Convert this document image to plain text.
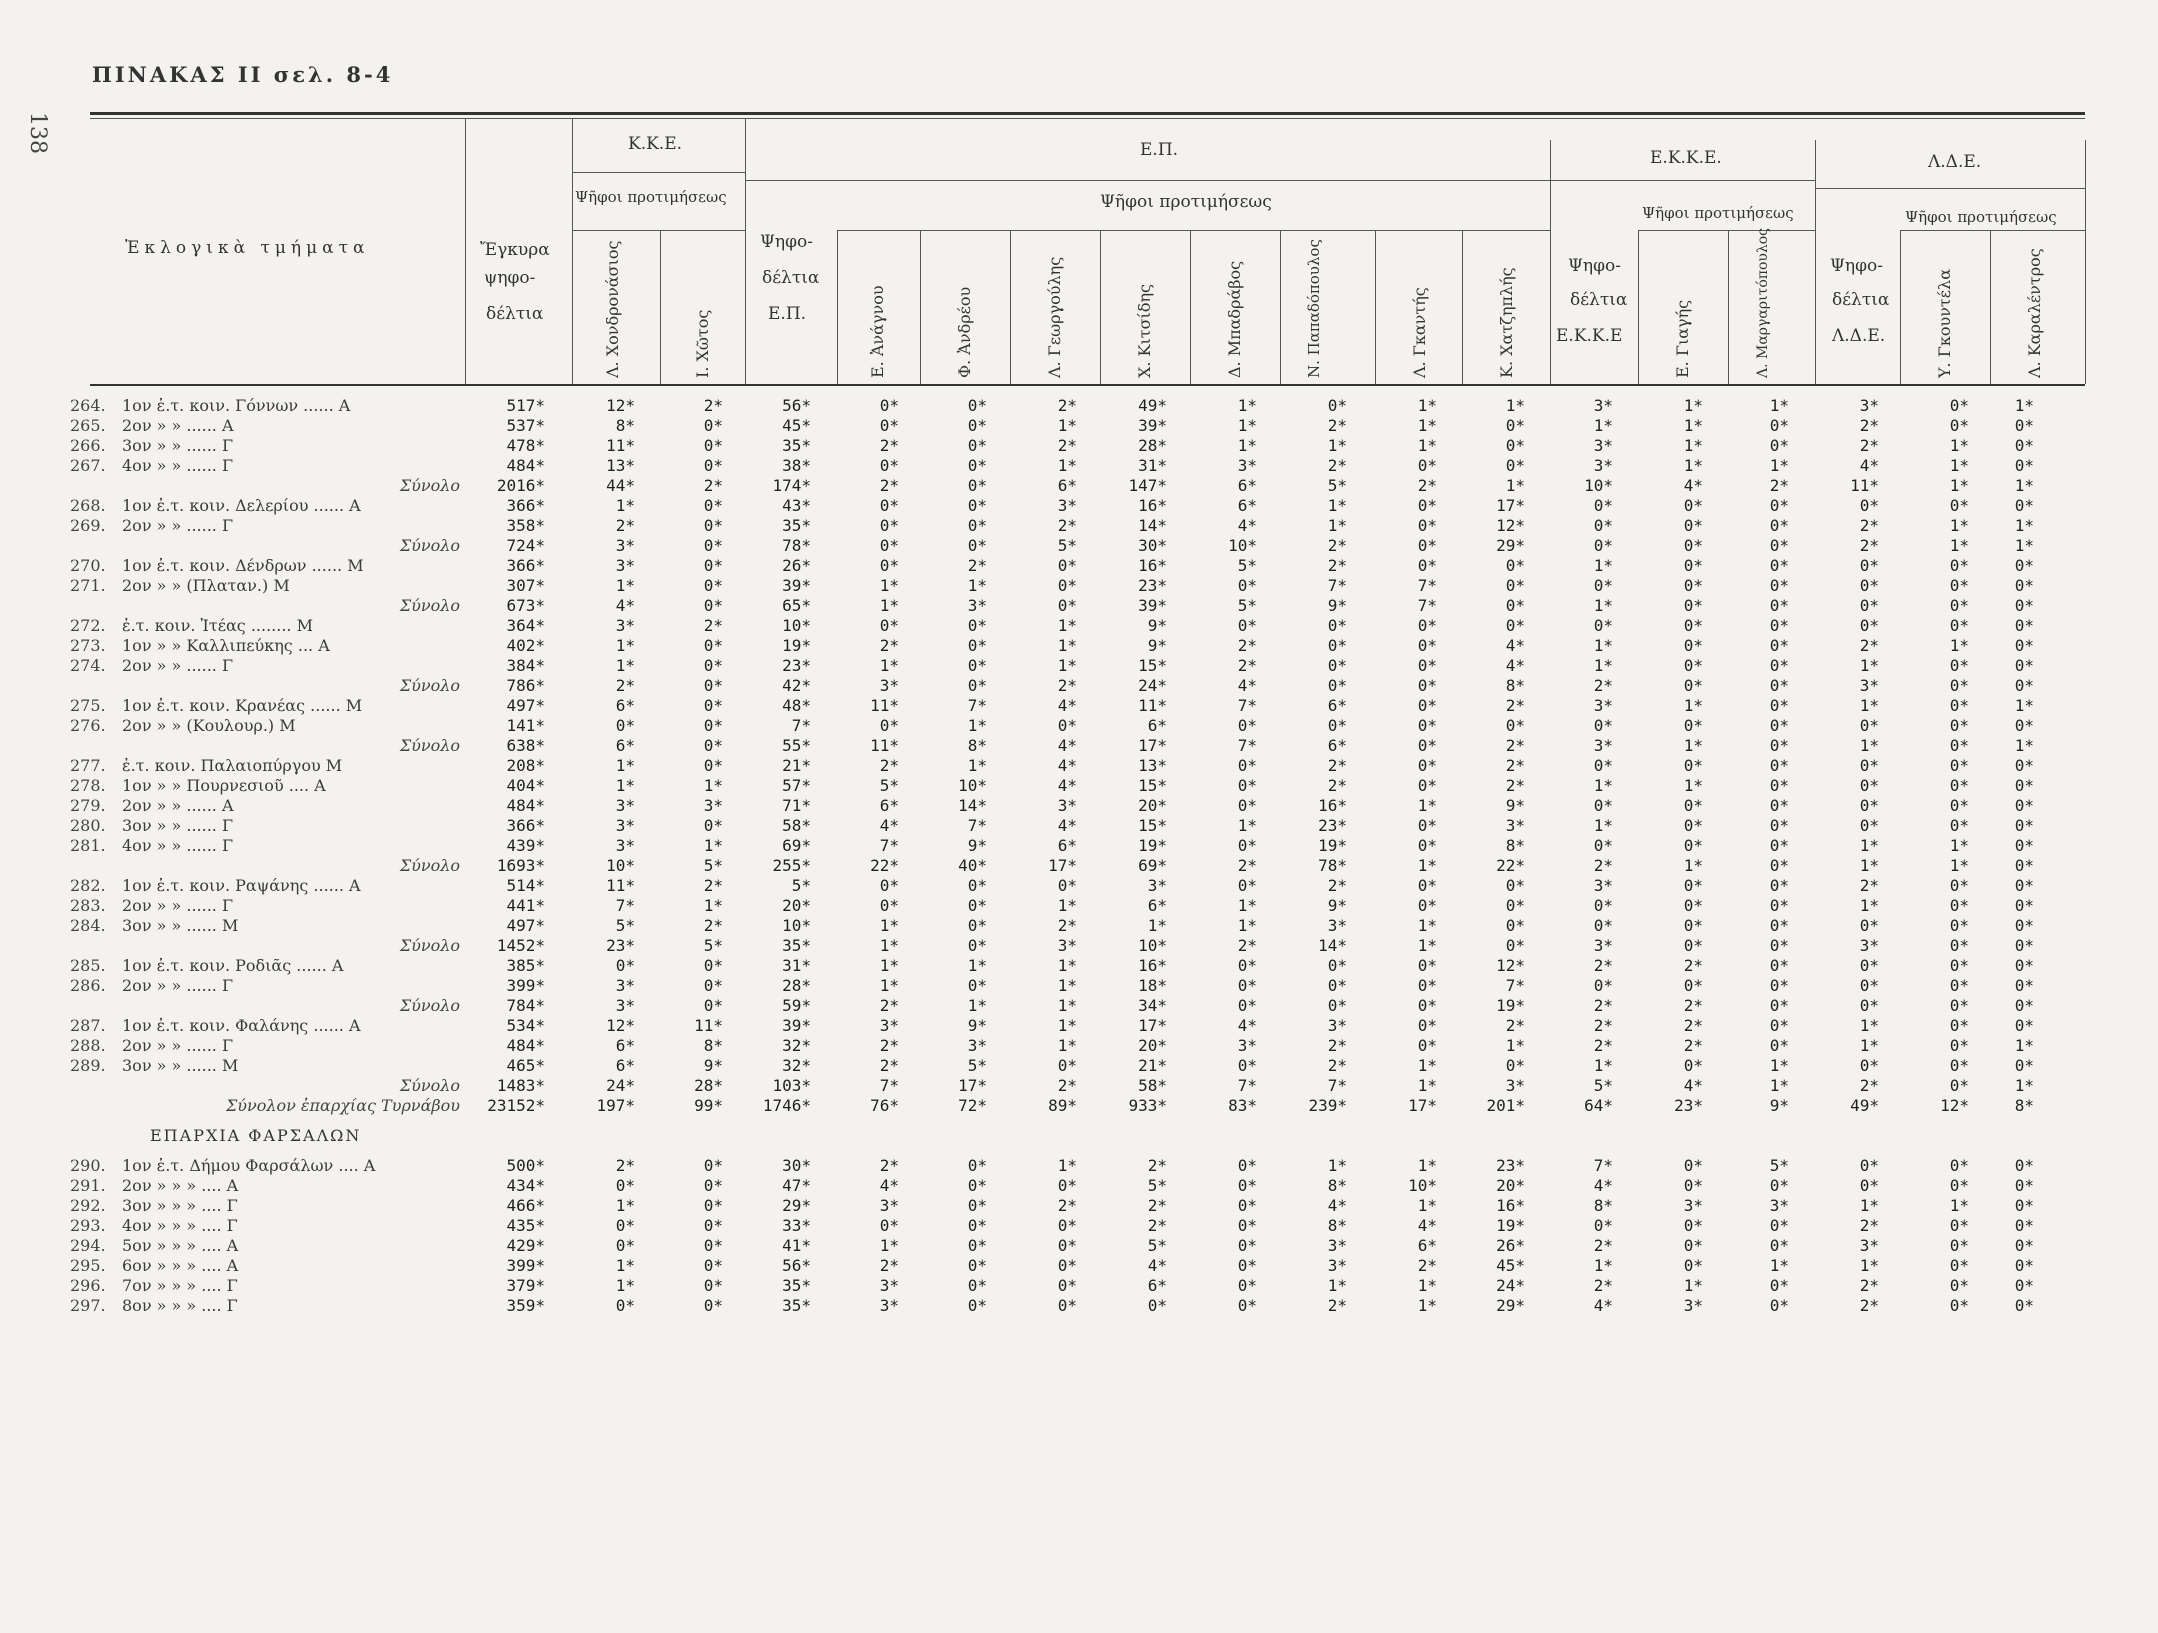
138
ΠΙΝΑΚΑΣ ΙΙ σελ. 8-4
Ἐκλογικὰ τμήματα	Ἔγκυρα
ψηφο-
δέλτια
Κ.Κ.Ε.
Ψῆφοι προτιμήσεως
Ε.Π.
Ψῆφοι προτιμήσεως
Ψηφο-
δέλτια
Ε.Π.
Ε.Κ.Κ.Ε.
Ψῆφοι προτιμήσεως
Ψηφο-
δέλτια
Ε.Κ.Κ.Ε
Λ.Δ.Ε.
Ψῆφοι προτιμήσεως
Ψηφο-
δέλτια
Λ.Δ.Ε.
Λ. Χονδρονάσιος	Ι. Χῶτος	Ε. Ἀνάγνου	Φ. Ἀνδρέου	Λ. Γεωργούλης	Χ. Κιτσίδης	Δ. Μπαδράβος	Ν. Παπαδόπουλος	Λ. Γκαντής	Κ. Χατζηπλής	Ε. Γιαγής	Λ. Μαργαριτόπουλος	Υ. Γκουντέλα	Λ. Καραλέντρος
264.	1ον ἐ.τ. κοιν. Γόννων ...... Α	517*	12*	2*	56*	0*	0*	2*	49*	1*	0*	1*	1*	3*	1*	1*	3*	0*	1*
265.	2ον » » ...... Α	537*	8*	0*	45*	0*	0*	1*	39*	1*	2*	1*	0*	1*	1*	0*	2*	0*	0*
266.	3ον » » ...... Γ	478*	11*	0*	35*	2*	0*	2*	28*	1*	1*	1*	0*	3*	1*	0*	2*	1*	0*
267.	4ον » » ...... Γ	484*	13*	0*	38*	0*	0*	1*	31*	3*	2*	0*	0*	3*	1*	1*	4*	1*	0*
	Σύνολο	2016*	44*	2*	174*	2*	0*	6*	147*	6*	5*	2*	1*	10*	4*	2*	11*	1*	1*
268.	1ον ἐ.τ. κοιν. Δελερίου ...... Α	366*	1*	0*	43*	0*	0*	3*	16*	6*	1*	0*	17*	0*	0*	0*	0*	0*	0*
269.	2ον » » ...... Γ	358*	2*	0*	35*	0*	0*	2*	14*	4*	1*	0*	12*	0*	0*	0*	2*	1*	1*
	Σύνολο	724*	3*	0*	78*	0*	0*	5*	30*	10*	2*	0*	29*	0*	0*	0*	2*	1*	1*
270.	1ον ἐ.τ. κοιν. Δένδρων ...... Μ	366*	3*	0*	26*	0*	2*	0*	16*	5*	2*	0*	0*	1*	0*	0*	0*	0*	0*
271.	2ον » » (Πλαταν.) Μ	307*	1*	0*	39*	1*	1*	0*	23*	0*	7*	7*	0*	0*	0*	0*	0*	0*	0*
	Σύνολο	673*	4*	0*	65*	1*	3*	0*	39*	5*	9*	7*	0*	1*	0*	0*	0*	0*	0*
272.	ἐ.τ. κοιν. Ἰτέας ........ Μ	364*	3*	2*	10*	0*	0*	1*	9*	0*	0*	0*	0*	0*	0*	0*	0*	0*	0*
273.	1ον » » Καλλιπεύκης ... Α	402*	1*	0*	19*	2*	0*	1*	9*	2*	0*	0*	4*	1*	0*	0*	2*	1*	0*
274.	2ον » » ...... Γ	384*	1*	0*	23*	1*	0*	1*	15*	2*	0*	0*	4*	1*	0*	0*	1*	0*	0*
	Σύνολο	786*	2*	0*	42*	3*	0*	2*	24*	4*	0*	0*	8*	2*	0*	0*	3*	0*	0*
275.	1ον ἐ.τ. κοιν. Κρανέας ...... Μ	497*	6*	0*	48*	11*	7*	4*	11*	7*	6*	0*	2*	3*	1*	0*	1*	0*	1*
276.	2ον » » (Κουλουρ.) Μ	141*	0*	0*	7*	0*	1*	0*	6*	0*	0*	0*	0*	0*	0*	0*	0*	0*	0*
	Σύνολο	638*	6*	0*	55*	11*	8*	4*	17*	7*	6*	0*	2*	3*	1*	0*	1*	0*	1*
277.	ἐ.τ. κοιν. Παλαιοπύργου Μ	208*	1*	0*	21*	2*	1*	4*	13*	0*	2*	0*	2*	0*	0*	0*	0*	0*	0*
278.	1ον » » Πουρνεσιοῦ .... Α	404*	1*	1*	57*	5*	10*	4*	15*	0*	2*	0*	2*	1*	1*	0*	0*	0*	0*
279.	2ον » » ...... Α	484*	3*	3*	71*	6*	14*	3*	20*	0*	16*	1*	9*	0*	0*	0*	0*	0*	0*
280.	3ον » » ...... Γ	366*	3*	0*	58*	4*	7*	4*	15*	1*	23*	0*	3*	1*	0*	0*	0*	0*	0*
281.	4ον » » ...... Γ	439*	3*	1*	69*	7*	9*	6*	19*	0*	19*	0*	8*	0*	0*	0*	1*	1*	0*
	Σύνολο	1693*	10*	5*	255*	22*	40*	17*	69*	2*	78*	1*	22*	2*	1*	0*	1*	1*	0*
282.	1ον ἐ.τ. κοιν. Ραψάνης ...... Α	514*	11*	2*	5*	0*	0*	0*	3*	0*	2*	0*	0*	3*	0*	0*	2*	0*	0*
283.	2ον » » ...... Γ	441*	7*	1*	20*	0*	0*	1*	6*	1*	9*	0*	0*	0*	0*	0*	1*	0*	0*
284.	3ον » » ...... Μ	497*	5*	2*	10*	1*	0*	2*	1*	1*	3*	1*	0*	0*	0*	0*	0*	0*	0*
	Σύνολο	1452*	23*	5*	35*	1*	0*	3*	10*	2*	14*	1*	0*	3*	0*	0*	3*	0*	0*
285.	1ον ἐ.τ. κοιν. Ροδιᾶς ...... Α	385*	0*	0*	31*	1*	1*	1*	16*	0*	0*	0*	12*	2*	2*	0*	0*	0*	0*
286.	2ον » » ...... Γ	399*	3*	0*	28*	1*	0*	1*	18*	0*	0*	0*	7*	0*	0*	0*	0*	0*	0*
	Σύνολο	784*	3*	0*	59*	2*	1*	1*	34*	0*	0*	0*	19*	2*	2*	0*	0*	0*	0*
287.	1ον ἐ.τ. κοιν. Φαλάνης ...... Α	534*	12*	11*	39*	3*	9*	1*	17*	4*	3*	0*	2*	2*	2*	0*	1*	0*	0*
288.	2ον » » ...... Γ	484*	6*	8*	32*	2*	3*	1*	20*	3*	2*	0*	1*	2*	2*	0*	1*	0*	1*
289.	3ον » » ...... Μ	465*	6*	9*	32*	2*	5*	0*	21*	0*	2*	1*	0*	1*	0*	1*	0*	0*	0*
	Σύνολο	1483*	24*	28*	103*	7*	17*	2*	58*	7*	7*	1*	3*	5*	4*	1*	2*	0*	1*
	Σύνολον ἐπαρχίας Τυρνάβου	23152*	197*	99*	1746*	76*	72*	89*	933*	83*	239*	17*	201*	64*	23*	9*	49*	12*	8*
ΕΠΑΡΧΙΑ ΦΑΡΣΑΛΩΝ																			
290.	1ον ἐ.τ. Δήμου Φαρσάλων .... Α	500*	2*	0*	30*	2*	0*	1*	2*	0*	1*	1*	23*	7*	0*	5*	0*	0*	0*
291.	2ον » » » .... Α	434*	0*	0*	47*	4*	0*	0*	5*	0*	8*	10*	20*	4*	0*	0*	0*	0*	0*
292.	3ον » » » .... Γ	466*	1*	0*	29*	3*	0*	2*	2*	0*	4*	1*	16*	8*	3*	3*	1*	1*	0*
293.	4ον » » » .... Γ	435*	0*	0*	33*	0*	0*	0*	2*	0*	8*	4*	19*	0*	0*	0*	2*	0*	0*
294.	5ον » » » .... Α	429*	0*	0*	41*	1*	0*	0*	5*	0*	3*	6*	26*	2*	0*	0*	3*	0*	0*
295.	6ον » » » .... Α	399*	1*	0*	56*	2*	0*	0*	4*	0*	3*	2*	45*	1*	0*	1*	1*	0*	0*
296.	7ον » » » .... Γ	379*	1*	0*	35*	3*	0*	0*	6*	0*	1*	1*	24*	2*	1*	0*	2*	0*	0*
297.	8ον » » » .... Γ	359*	0*	0*	35*	3*	0*	0*	0*	0*	2*	1*	29*	4*	3*	0*	2*	0*	0*
